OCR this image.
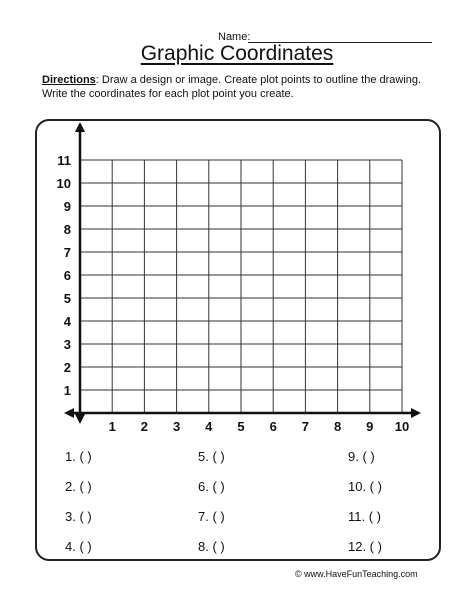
Name:
Graphic Coordinates
Directions: Draw a design or image. Create plot points to outline the drawing. Write the coordinates for each plot point you create.
1 2 3 4 5 6 7 8 9 10
1
2
3
4
5
6
7
8
9
10
11
1. ( )
2. ( )
3. ( )
4. ( )
5. ( )
6. ( )
7. ( )
8. ( )
9. ( )
10. ( )
11. ( )
12. ( )
© www.HaveFunTeaching.com
